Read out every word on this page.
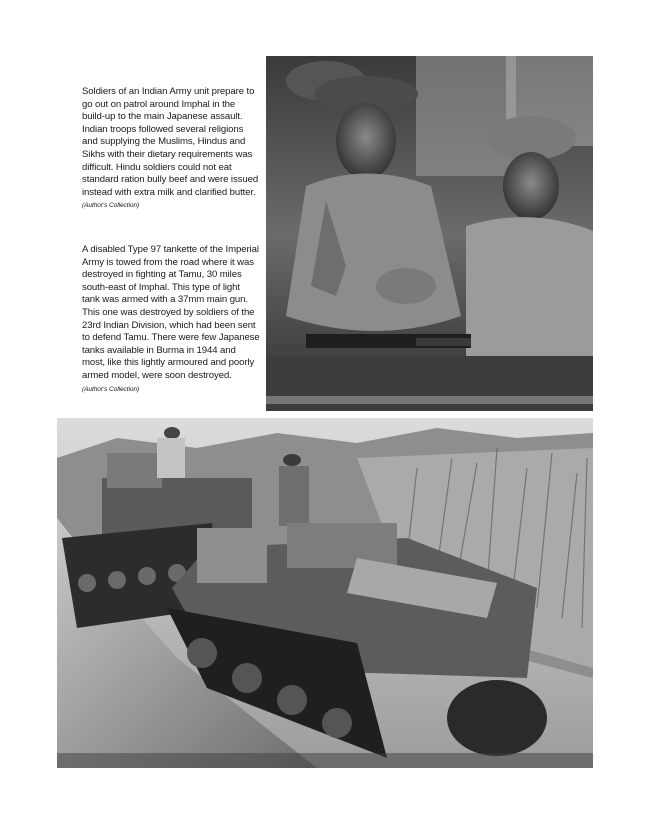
Soldiers of an Indian Army unit prepare to go out on patrol around Imphal in the build-up to the main Japanese assault. Indian troops followed several religions and supplying the Muslims, Hindus and Sikhs with their dietary requirements was difficult. Hindu soldiers could not eat standard ration bully beef and were issued instead with extra milk and clarified butter. (Author's Collection)
A disabled Type 97 tankette of the Imperial Army is towed from the road where it was destroyed in fighting at Tamu, 30 miles south-east of Imphal. This type of light tank was armed with a 37mm main gun. This one was destroyed by soldiers of the 23rd Indian Division, which had been sent to defend Tamu. There were few Japanese tanks available in Burma in 1944 and most, like this lightly armoured and poorly armed model, were soon destroyed.
(Author's Collection)
